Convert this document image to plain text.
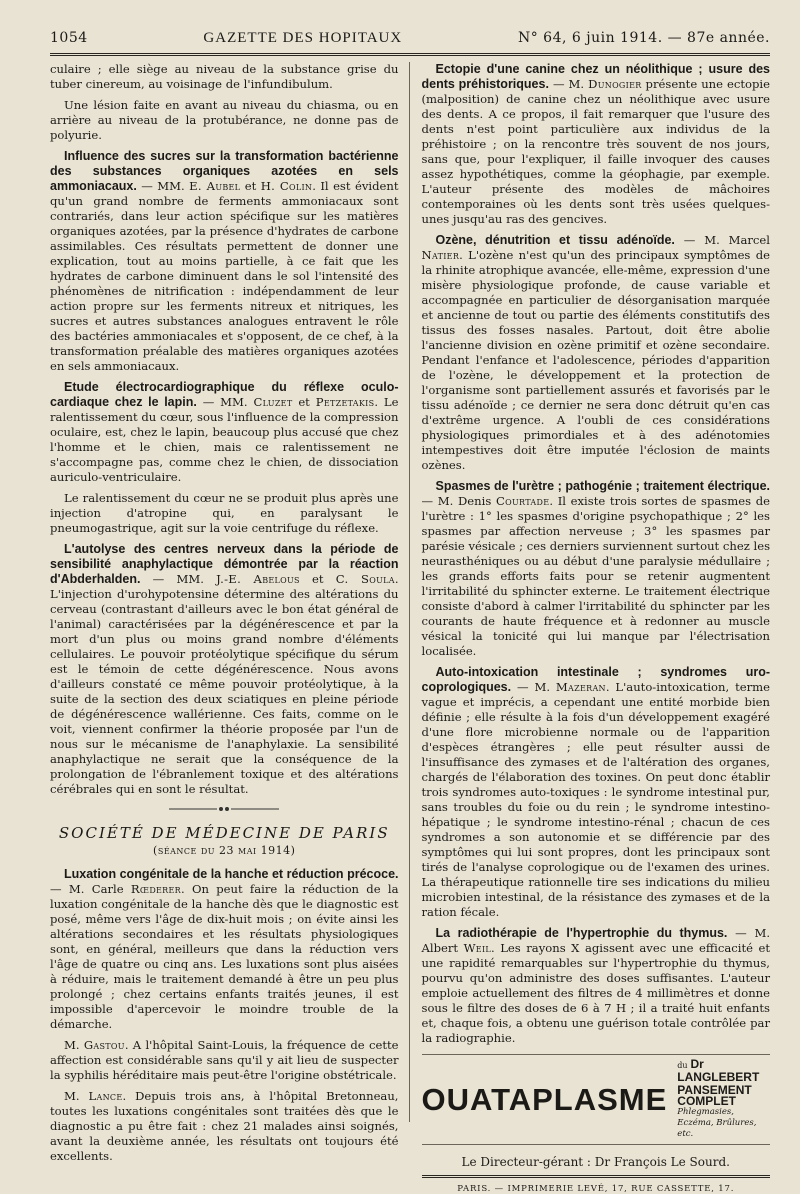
1054	GAZETTE DES HOPITAUX	N° 64, 6 juin 1914. — 87e année.

culaire ; elle siège au niveau de la substance grise du tuber cinereum, au voisinage de l'infundibulum.

Une lésion faite en avant au niveau du chiasma, ou en arrière au niveau de la protubérance, ne donne pas de polyurie.

Influence des sucres sur la transformation bactérienne des substances organiques azotées en sels ammoniacaux. — MM. E. Aubel et H. Colin. Il est évident qu'un grand nombre de ferments ammoniacaux sont contrariés, dans leur action spécifique sur les matières organiques azotées, par la présence d'hydrates de carbone assimilables. Ces résultats permettent de donner une explication, tout au moins partielle, à ce fait que les hydrates de carbone diminuent dans le sol l'intensité des phénomènes de nitrification : indépendamment de leur action propre sur les ferments nitreux et nitriques, les sucres et autres substances analogues entravent le rôle des bactéries ammoniacales et s'opposent, de ce chef, à la transformation préalable des matières organiques azotées en sels ammoniacaux.

Etude électrocardiographique du réflexe oculo-cardiaque chez le lapin. — MM. Cluzet et Petzetakis. Le ralentissement du cœur, sous l'influence de la compression oculaire, est, chez le lapin, beaucoup plus accusé que chez l'homme et le chien, mais ce ralentissement ne s'accompagne pas, comme chez le chien, de dissociation auriculo-ventriculaire.

Le ralentissement du cœur ne se produit plus après une injection d'atropine qui, en paralysant le pneumogastrique, agit sur la voie centrifuge du réflexe.

L'autolyse des centres nerveux dans la période de sensibilité anaphylactique démontrée par la réaction d'Abderhalden. — MM. J.-E. Abelous et C. Soula. L'injection d'urohypotensine détermine des altérations du cerveau (contrastant d'ailleurs avec le bon état général de l'animal) caractérisées par la dégénérescence et par la mort d'un plus ou moins grand nombre d'éléments cellulaires. Le pouvoir protéolytique spécifique du sérum est le témoin de cette dégénérescence. Nous avons d'ailleurs constaté ce même pouvoir protéolytique, à la suite de la section des deux sciatiques en pleine période de dégénérescence wallérienne. Ces faits, comme on le voit, viennent confirmer la théorie proposée par l'un de nous sur le mécanisme de l'anaphylaxie. La sensibilité anaphylactique ne serait que la conséquence de la prolongation de l'ébranlement toxique et des altérations cérébrales qui en sont le résultat.

SOCIÉTÉ DE MÉDECINE DE PARIS
(séance du 23 mai 1914)

Luxation congénitale de la hanche et réduction précoce. — M. Carle Rœderer. On peut faire la réduction de la luxation congénitale de la hanche dès que le diagnostic est posé, même vers l'âge de dix-huit mois ; on évite ainsi les altérations secondaires et les résultats physiologiques sont, en général, meilleurs que dans la réduction vers l'âge de quatre ou cinq ans. Les luxations sont plus aisées à réduire, mais le traitement demandé à être un peu plus prolongé ; chez certains enfants traités jeunes, il est impossible d'apercevoir le moindre trouble de la démarche.

M. Gastou. A l'hôpital Saint-Louis, la fréquence de cette affection est considérable sans qu'il y ait lieu de suspecter la syphilis héréditaire mais peut-être l'origine obstétricale.

M. Lance. Depuis trois ans, à l'hôpital Bretonneau, toutes les luxations congénitales sont traitées dès que le diagnostic a pu être fait : chez 21 malades ainsi soignés, avant la deuxième année, les résultats ont toujours été excellents.

Ectopie d'une canine chez un néolithique ; usure des dents préhistoriques. — M. Dunogier présente une ectopie (malposition) de canine chez un néolithique avec usure des dents. A ce propos, il fait remarquer que l'usure des dents n'est point particulière aux individus de la préhistoire ; on la rencontre très souvent de nos jours, sans que, pour l'expliquer, il faille invoquer des causes assez hypothétiques, comme la géophagie, par exemple. L'auteur présente des modèles de mâchoires contemporaines où les dents sont très usées quelques-unes jusqu'au ras des gencives.

Ozène, dénutrition et tissu adénoïde. — M. Marcel Natier. L'ozène n'est qu'un des principaux symptômes de la rhinite atrophique avancée, elle-même, expression d'une misère physiologique profonde, de cause variable et accompagnée en particulier de désorganisation marquée et ancienne de tout ou partie des éléments constitutifs des tissus des fosses nasales. Partout, doit être abolie l'ancienne division en ozène primitif et ozène secondaire. Pendant l'enfance et l'adolescence, périodes d'apparition de l'ozène, le développement et la protection de l'organisme sont partiellement assurés et favorisés par le tissu adénoïde ; ce dernier ne sera donc détruit qu'en cas d'extrême urgence. A l'oubli de ces considérations physiologiques primordiales et à des adénotomies intempestives doit être imputée l'éclosion de maints ozènes.

Spasmes de l'urètre ; pathogénie ; traitement électrique. — M. Denis Courtade. Il existe trois sortes de spasmes de l'urètre : 1° les spasmes d'origine psychopathique ; 2° les spasmes par affection nerveuse ; 3° les spasmes par parésie vésicale ; ces derniers surviennent surtout chez les neurasthéniques ou au début d'une paralysie médullaire ; les grands efforts faits pour se retenir augmentent l'irritabilité du sphincter externe. Le traitement électrique consiste d'abord à calmer l'irritabilité du sphincter par les courants de haute fréquence et à redonner au muscle vésical la tonicité qui lui manque par l'électrisation localisée.

Auto-intoxication intestinale ; syndromes uro-coprologiques. — M. Mazeran. L'auto-intoxication, terme vague et imprécis, a cependant une entité morbide bien définie ; elle résulte à la fois d'un développement exagéré d'une flore microbienne normale ou de l'apparition d'espèces étrangères ; elle peut résulter aussi de l'insuffisance des zymases et de l'altération des organes, chargés de l'élaboration des toxines. On peut donc établir trois syndromes auto-toxiques : le syndrome intestinal pur, sans troubles du foie ou du rein ; le syndrome intestino-hépatique ; le syndrome intestino-rénal ; chacun de ces syndromes a son autonomie et se différencie par des symptômes qui lui sont propres, dont les principaux sont tirés de l'analyse coprologique ou de l'examen des urines. La thérapeutique rationnelle tire ses indications du milieu microbien intestinal, de la résistance des zymases et de la ration fécale.

La radiothérapie de l'hypertrophie du thymus. — M. Albert Weil. Les rayons X agissent avec une efficacité et une rapidité remarquables sur l'hypertrophie du thymus, pourvu qu'on administre des doses suffisantes. L'auteur emploie actuellement des filtres de 4 millimètres et donne sous le filtre des doses de 6 à 7 H ; il a traité huit enfants et, chaque fois, a obtenu une guérison totale contrôlée par la radiographie.

OUATAPLASME
du Dr LANGLEBERT
PANSEMENT COMPLET
Phlegmasies, Eczéma, Brûlures, etc.
Le Directeur-gérant : Dr François Le Sourd.
PARIS. — IMPRIMERIE LEVÉ, 17, RUE CASSETTE, 17.
